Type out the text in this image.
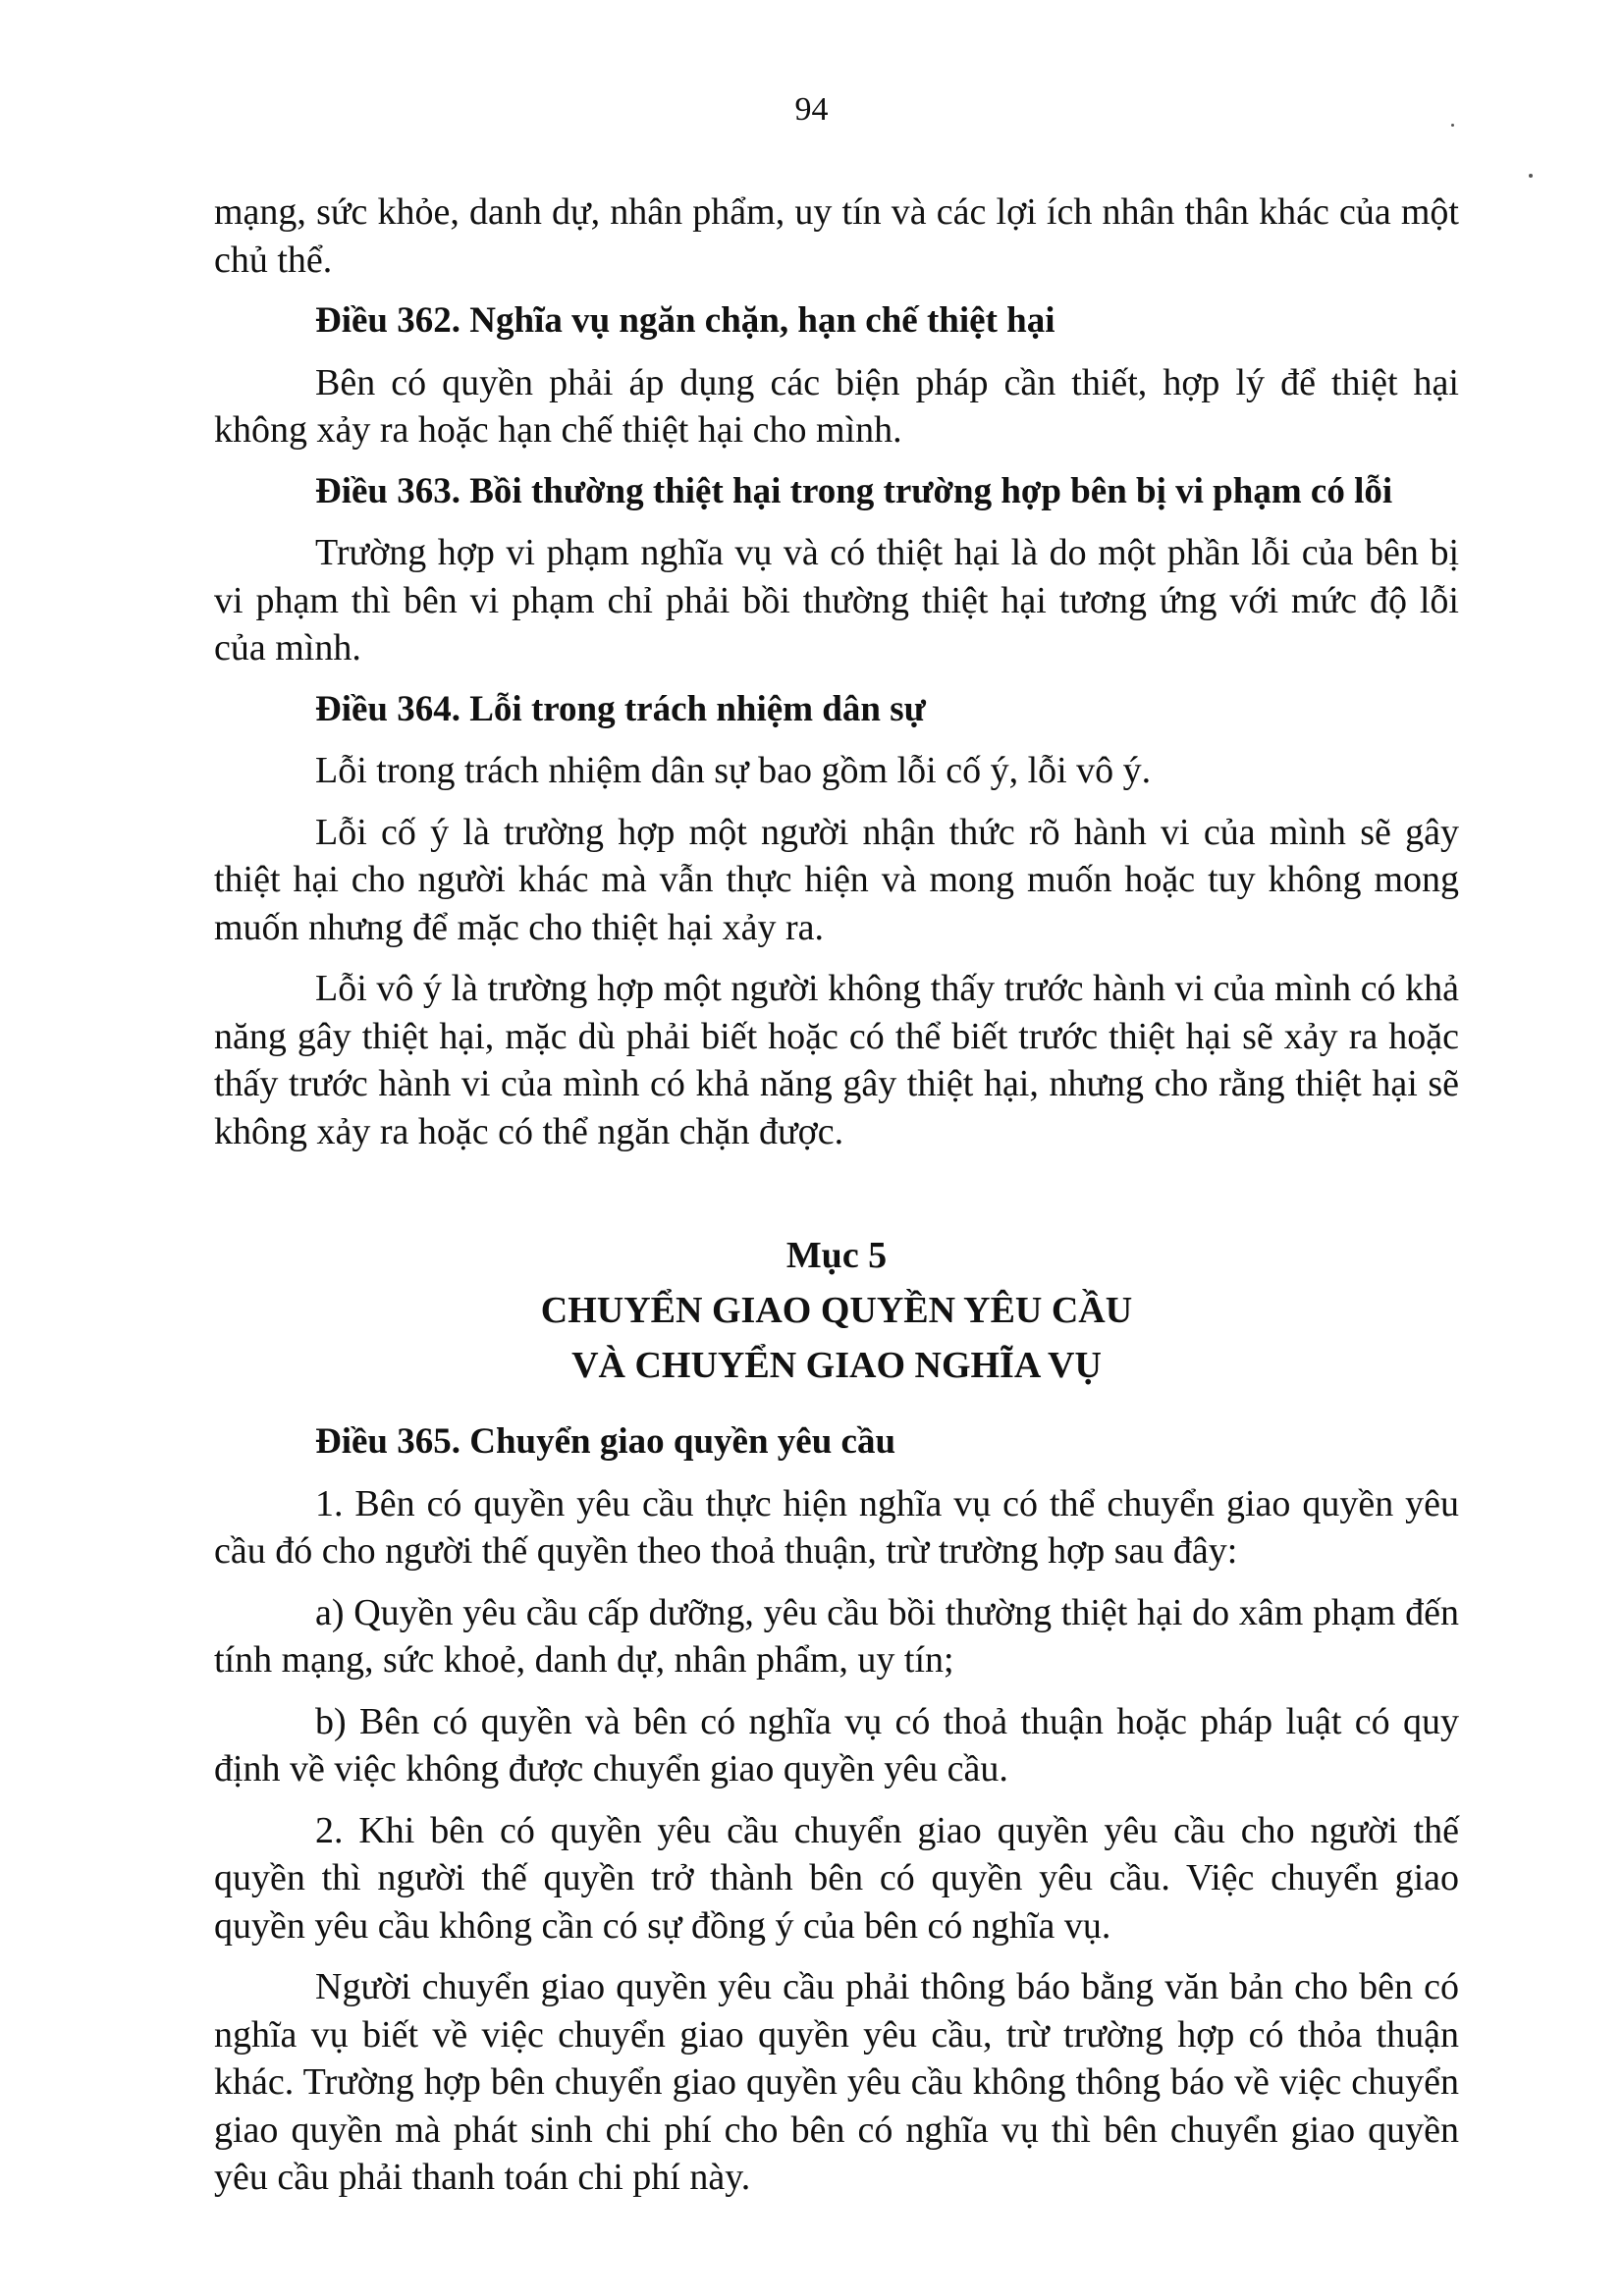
94

mạng, sức khỏe, danh dự, nhân phẩm, uy tín và các lợi ích nhân thân khác của một chủ thể.

Điều 362. Nghĩa vụ ngăn chặn, hạn chế thiệt hại

Bên có quyền phải áp dụng các biện pháp cần thiết, hợp lý để thiệt hại không xảy ra hoặc hạn chế thiệt hại cho mình.

Điều 363. Bồi thường thiệt hại trong trường hợp bên bị vi phạm có lỗi

Trường hợp vi phạm nghĩa vụ và có thiệt hại là do một phần lỗi của bên bị vi phạm thì bên vi phạm chỉ phải bồi thường thiệt hại tương ứng với mức độ lỗi của mình.

Điều 364. Lỗi trong trách nhiệm dân sự

Lỗi trong trách nhiệm dân sự bao gồm lỗi cố ý, lỗi vô ý.

Lỗi cố ý là trường hợp một người nhận thức rõ hành vi của mình sẽ gây thiệt hại cho người khác mà vẫn thực hiện và mong muốn hoặc tuy không mong muốn nhưng để mặc cho thiệt hại xảy ra.

Lỗi vô ý là trường hợp một người không thấy trước hành vi của mình có khả năng gây thiệt hại, mặc dù phải biết hoặc có thể biết trước thiệt hại sẽ xảy ra hoặc thấy trước hành vi của mình có khả năng gây thiệt hại, nhưng cho rằng thiệt hại sẽ không xảy ra hoặc có thể ngăn chặn được.

Mục 5
CHUYỂN GIAO QUYỀN YÊU CẦU
VÀ CHUYỂN GIAO NGHĨA VỤ

Điều 365. Chuyển giao quyền yêu cầu

1. Bên có quyền yêu cầu thực hiện nghĩa vụ có thể chuyển giao quyền yêu cầu đó cho người thế quyền theo thoả thuận, trừ trường hợp sau đây:

a) Quyền yêu cầu cấp dưỡng, yêu cầu bồi thường thiệt hại do xâm phạm đến tính mạng, sức khoẻ, danh dự, nhân phẩm, uy tín;

b) Bên có quyền và bên có nghĩa vụ có thoả thuận hoặc pháp luật có quy định về việc không được chuyển giao quyền yêu cầu.

2. Khi bên có quyền yêu cầu chuyển giao quyền yêu cầu cho người thế quyền thì người thế quyền trở thành bên có quyền yêu cầu. Việc chuyển giao quyền yêu cầu không cần có sự đồng ý của bên có nghĩa vụ.

Người chuyển giao quyền yêu cầu phải thông báo bằng văn bản cho bên có nghĩa vụ biết về việc chuyển giao quyền yêu cầu, trừ trường hợp có thỏa thuận khác. Trường hợp bên chuyển giao quyền yêu cầu không thông báo về việc chuyển giao quyền mà phát sinh chi phí cho bên có nghĩa vụ thì bên chuyển giao quyền yêu cầu phải thanh toán chi phí này.
